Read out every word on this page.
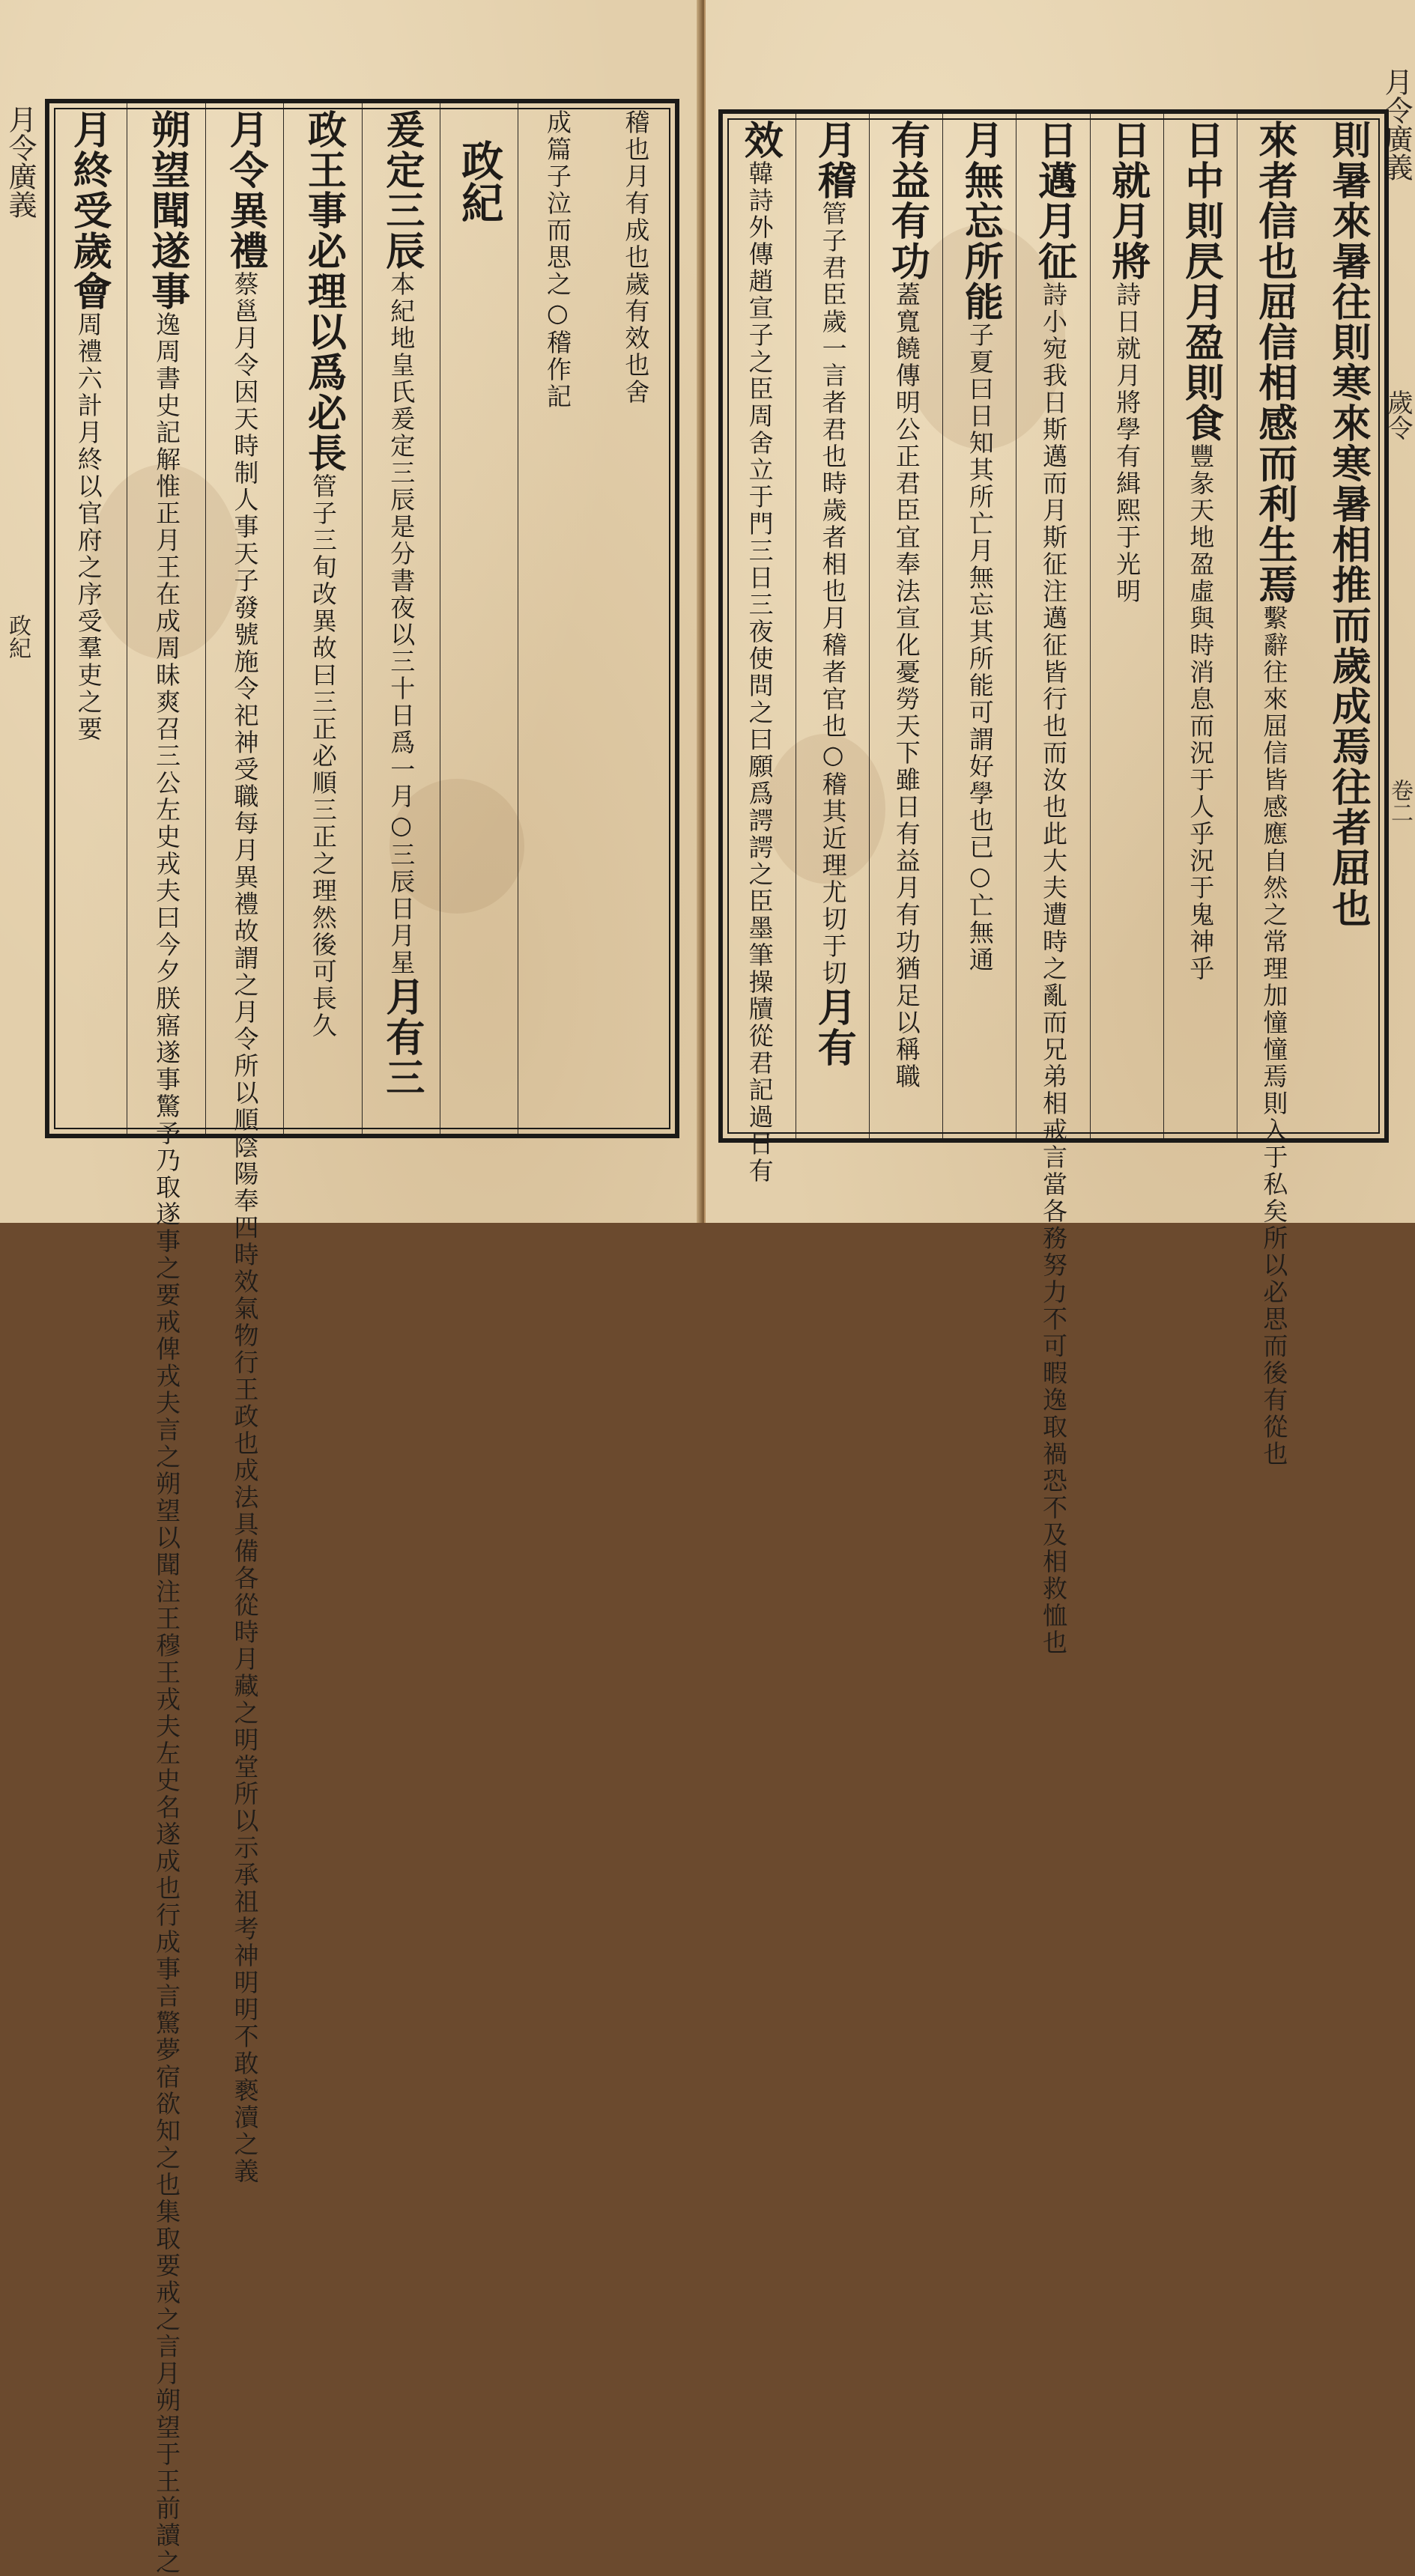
月令廣義
政紀
稽也月有成也歲有效也舍
成篇子泣而思之○稽作記
政紀
爰定三辰
本紀地皇氏爰定三辰是分書夜以三十日爲一月○三辰日月星
月有三
政王事必理以爲必長
管子三旬改異故曰三正必順三正之理然後可長久
月令異禮
蔡邕月令因天時制人事天子發號施令祀神受職每月異禮故謂之月令所以順陰陽奉四時效氣物行王政也成法具備各從時月藏之明堂所以示承祖考神明明不敢褻瀆之義
朔望聞遂事
逸周書史記解惟正月王在成周昧爽召三公左史戎夫曰今夕朕寤遂事驚予乃取遂事之要戒俾戎夫言之朔望以聞注王穆王戎夫左史名遂成也行成事言驚夢宿欲知之也集取要戒之言月朔望于王前讀之
月終受歲會
周禮六計月終以官府之序受羣吏之要
月令廣義
歲令
卷二
則暑來暑往則寒來寒暑相推而歲成焉往者屈也
來者信也屈信相感而利生焉
繫辭往來屈信皆感應自然之常理加憧憧焉則入于私矣所以必思而後有從也
日中則昃月盈則食
豐彖天地盈虛與時消息而況于人乎況于鬼神乎
日就月將
詩日就月將學有緝熙于光明
日邁月征
詩小宛我日斯邁而月斯征注邁征皆行也而汝也此大夫遭時之亂而兄弟相戒言當各務努力不可暇逸取禍恐不及相救恤也
月無忘所能
子夏曰日知其所亡月無忘其所能可謂好學也已○亡無通
有益有功
蓋寬饒傳明公正君臣宜奉法宣化憂勞天下雖日有益月有功猶足以稱職
月稽
管子君臣歲一言者君也時歲者相也月稽者官也○稽其近理尤切于切
月有
效
韓詩外傳趙宣子之臣周舍立于門三日三夜使問之曰願爲諤諤之臣墨筆操牘從君記過日有
